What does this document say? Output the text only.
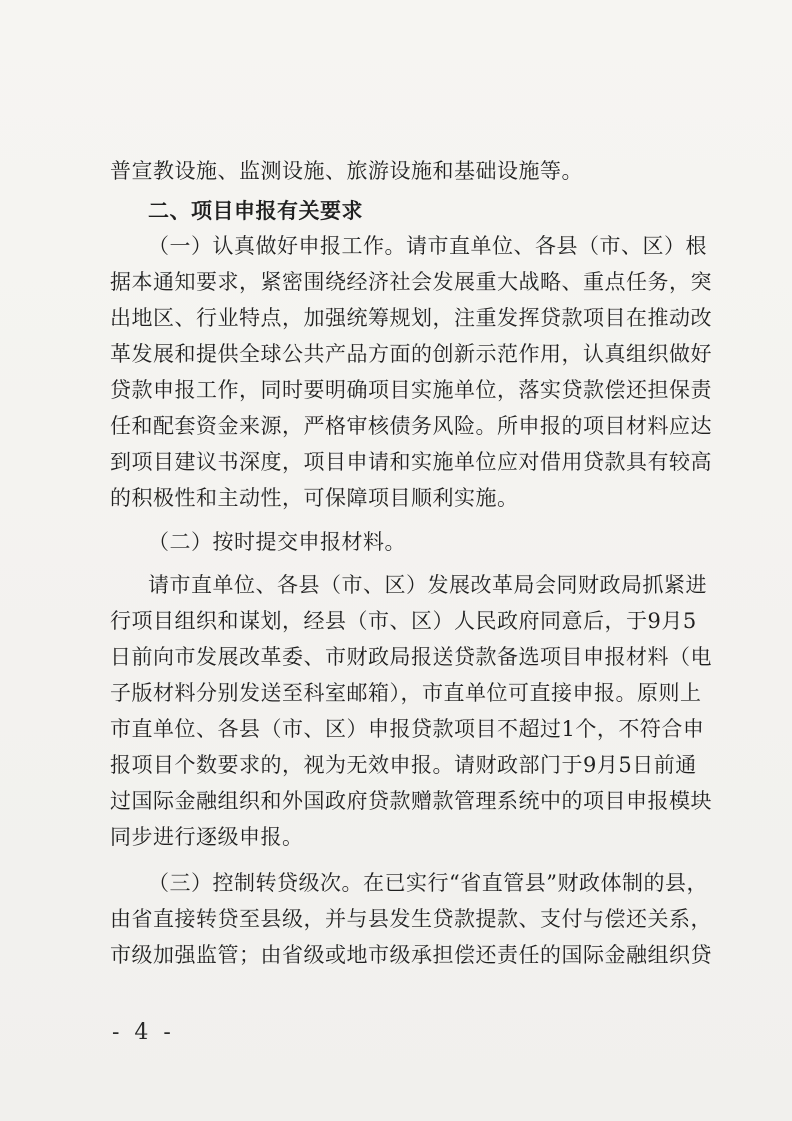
普宣教设施、监测设施、旅游设施和基础设施等。
二、项目申报有关要求
（一）认真做好申报工作。请市直单位、各县（市、区）根
据本通知要求，紧密围绕经济社会发展重大战略、重点任务，突
出地区、行业特点，加强统筹规划，注重发挥贷款项目在推动改
革发展和提供全球公共产品方面的创新示范作用，认真组织做好
贷款申报工作，同时要明确项目实施单位，落实贷款偿还担保责
任和配套资金来源，严格审核债务风险。所申报的项目材料应达
到项目建议书深度，项目申请和实施单位应对借用贷款具有较高
的积极性和主动性，可保障项目顺利实施。
（二）按时提交申报材料。
请市直单位、各县（市、区）发展改革局会同财政局抓紧进
行项目组织和谋划，经县（市、区）人民政府同意后，于9月5
日前向市发展改革委、市财政局报送贷款备选项目申报材料（电
子版材料分别发送至科室邮箱），市直单位可直接申报。原则上
市直单位、各县（市、区）申报贷款项目不超过1个，不符合申
报项目个数要求的，视为无效申报。请财政部门于9月5日前通
过国际金融组织和外国政府贷款赠款管理系统中的项目申报模块
同步进行逐级申报。
（三）控制转贷级次。在已实行“省直管县”财政体制的县，
由省直接转贷至县级，并与县发生贷款提款、支付与偿还关系，
市级加强监管；由省级或地市级承担偿还责任的国际金融组织贷
- 4 -
